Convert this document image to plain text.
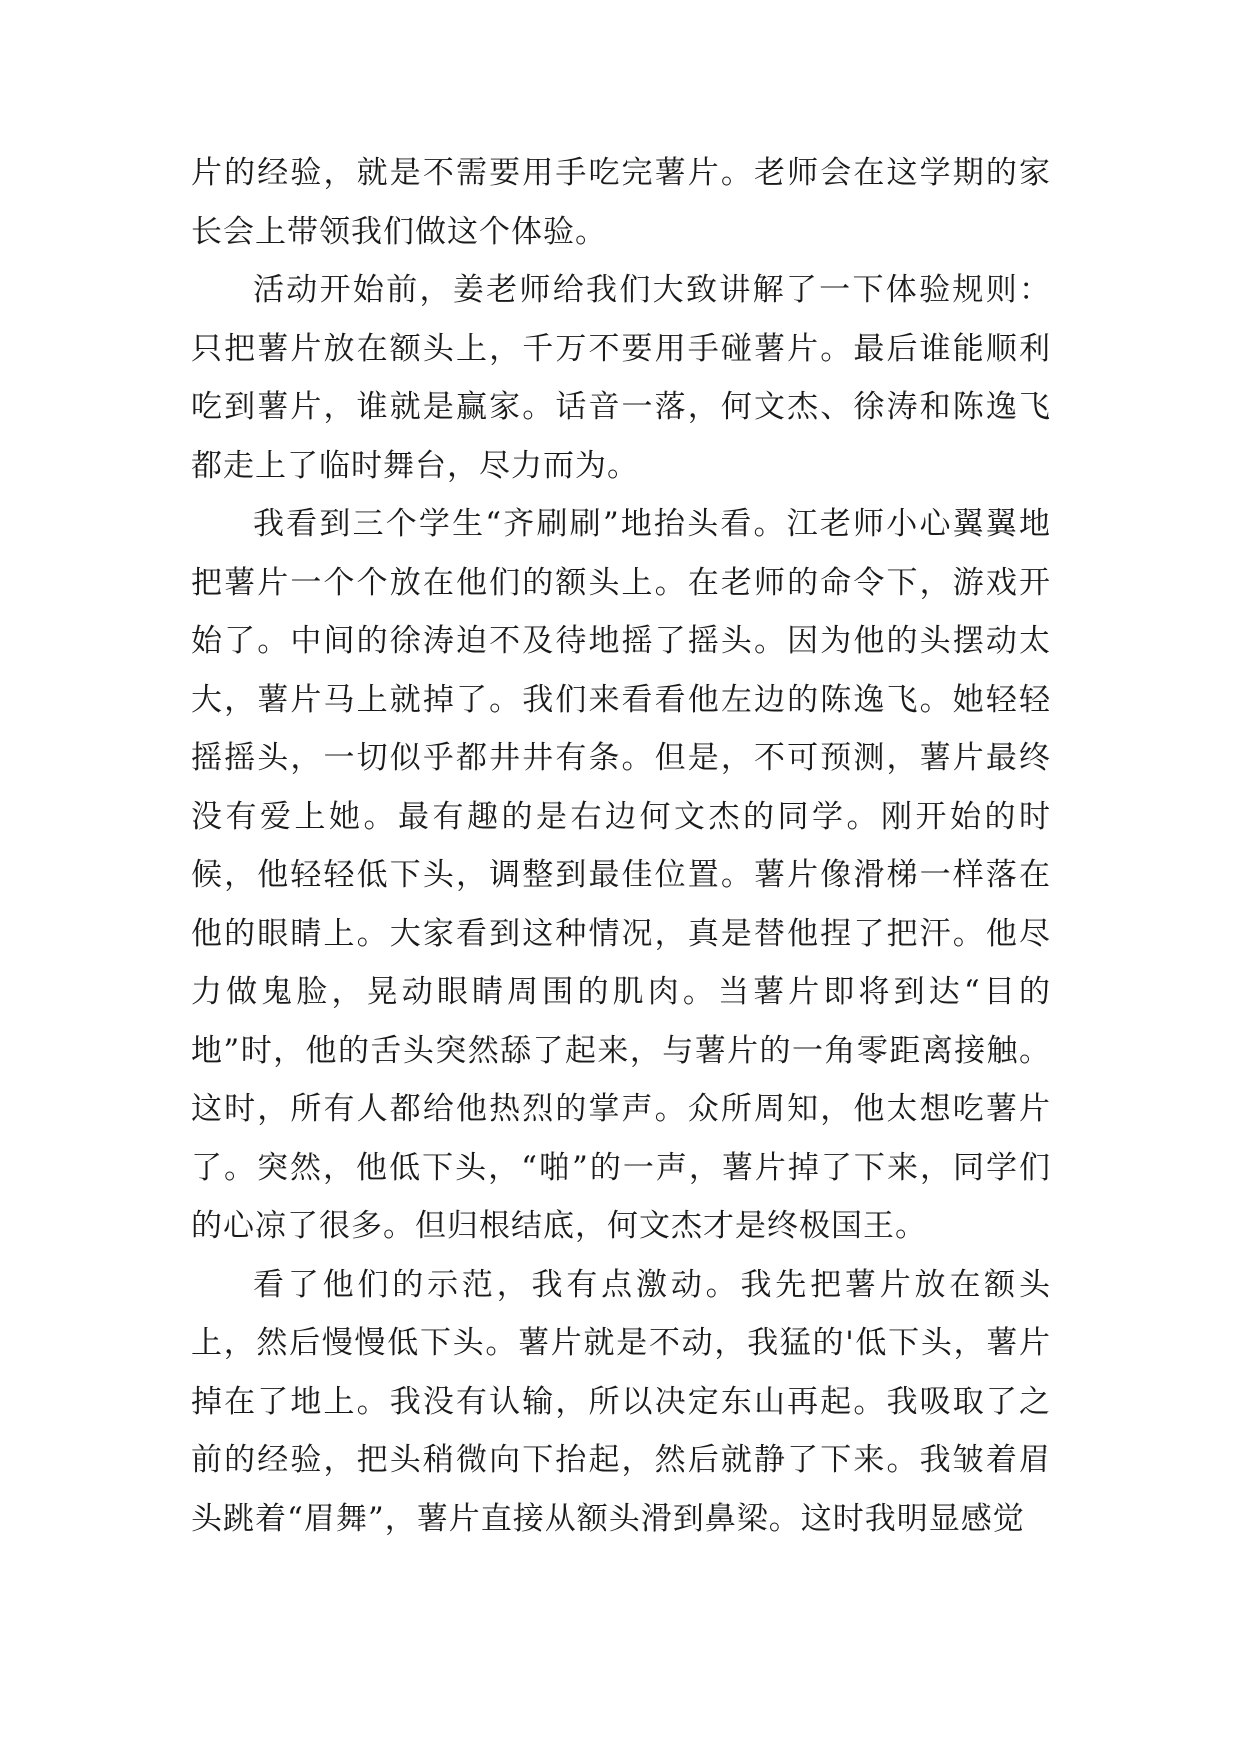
片的经验，就是不需要用手吃完薯片。老师会在这学期的家长会上带领我们做这个体验。

活动开始前，姜老师给我们大致讲解了一下体验规则：只把薯片放在额头上，千万不要用手碰薯片。最后谁能顺利吃到薯片，谁就是赢家。话音一落，何文杰、徐涛和陈逸飞都走上了临时舞台，尽力而为。

我看到三个学生“齐刷刷”地抬头看。江老师小心翼翼地把薯片一个个放在他们的额头上。在老师的命令下，游戏开始了。中间的徐涛迫不及待地摇了摇头。因为他的头摆动太大，薯片马上就掉了。我们来看看他左边的陈逸飞。她轻轻摇摇头，一切似乎都井井有条。但是，不可预测，薯片最终没有爱上她。最有趣的是右边何文杰的同学。刚开始的时候，他轻轻低下头，调整到最佳位置。薯片像滑梯一样落在他的眼睛上。大家看到这种情况，真是替他捏了把汗。他尽力做鬼脸，晃动眼睛周围的肌肉。当薯片即将到达“目的地”时，他的舌头突然舔了起来，与薯片的一角零距离接触。这时，所有人都给他热烈的掌声。众所周知，他太想吃薯片了。突然，他低下头，“啪”的一声，薯片掉了下来，同学们的心凉了很多。但归根结底，何文杰才是终极国王。

看了他们的示范，我有点激动。我先把薯片放在额头上，然后慢慢低下头。薯片就是不动，我猛的'低下头，薯片掉在了地上。我没有认输，所以决定东山再起。我吸取了之前的经验，把头稍微向下抬起，然后就静了下来。我皱着眉头跳着“眉舞”，薯片直接从额头滑到鼻梁。这时我明显感觉
